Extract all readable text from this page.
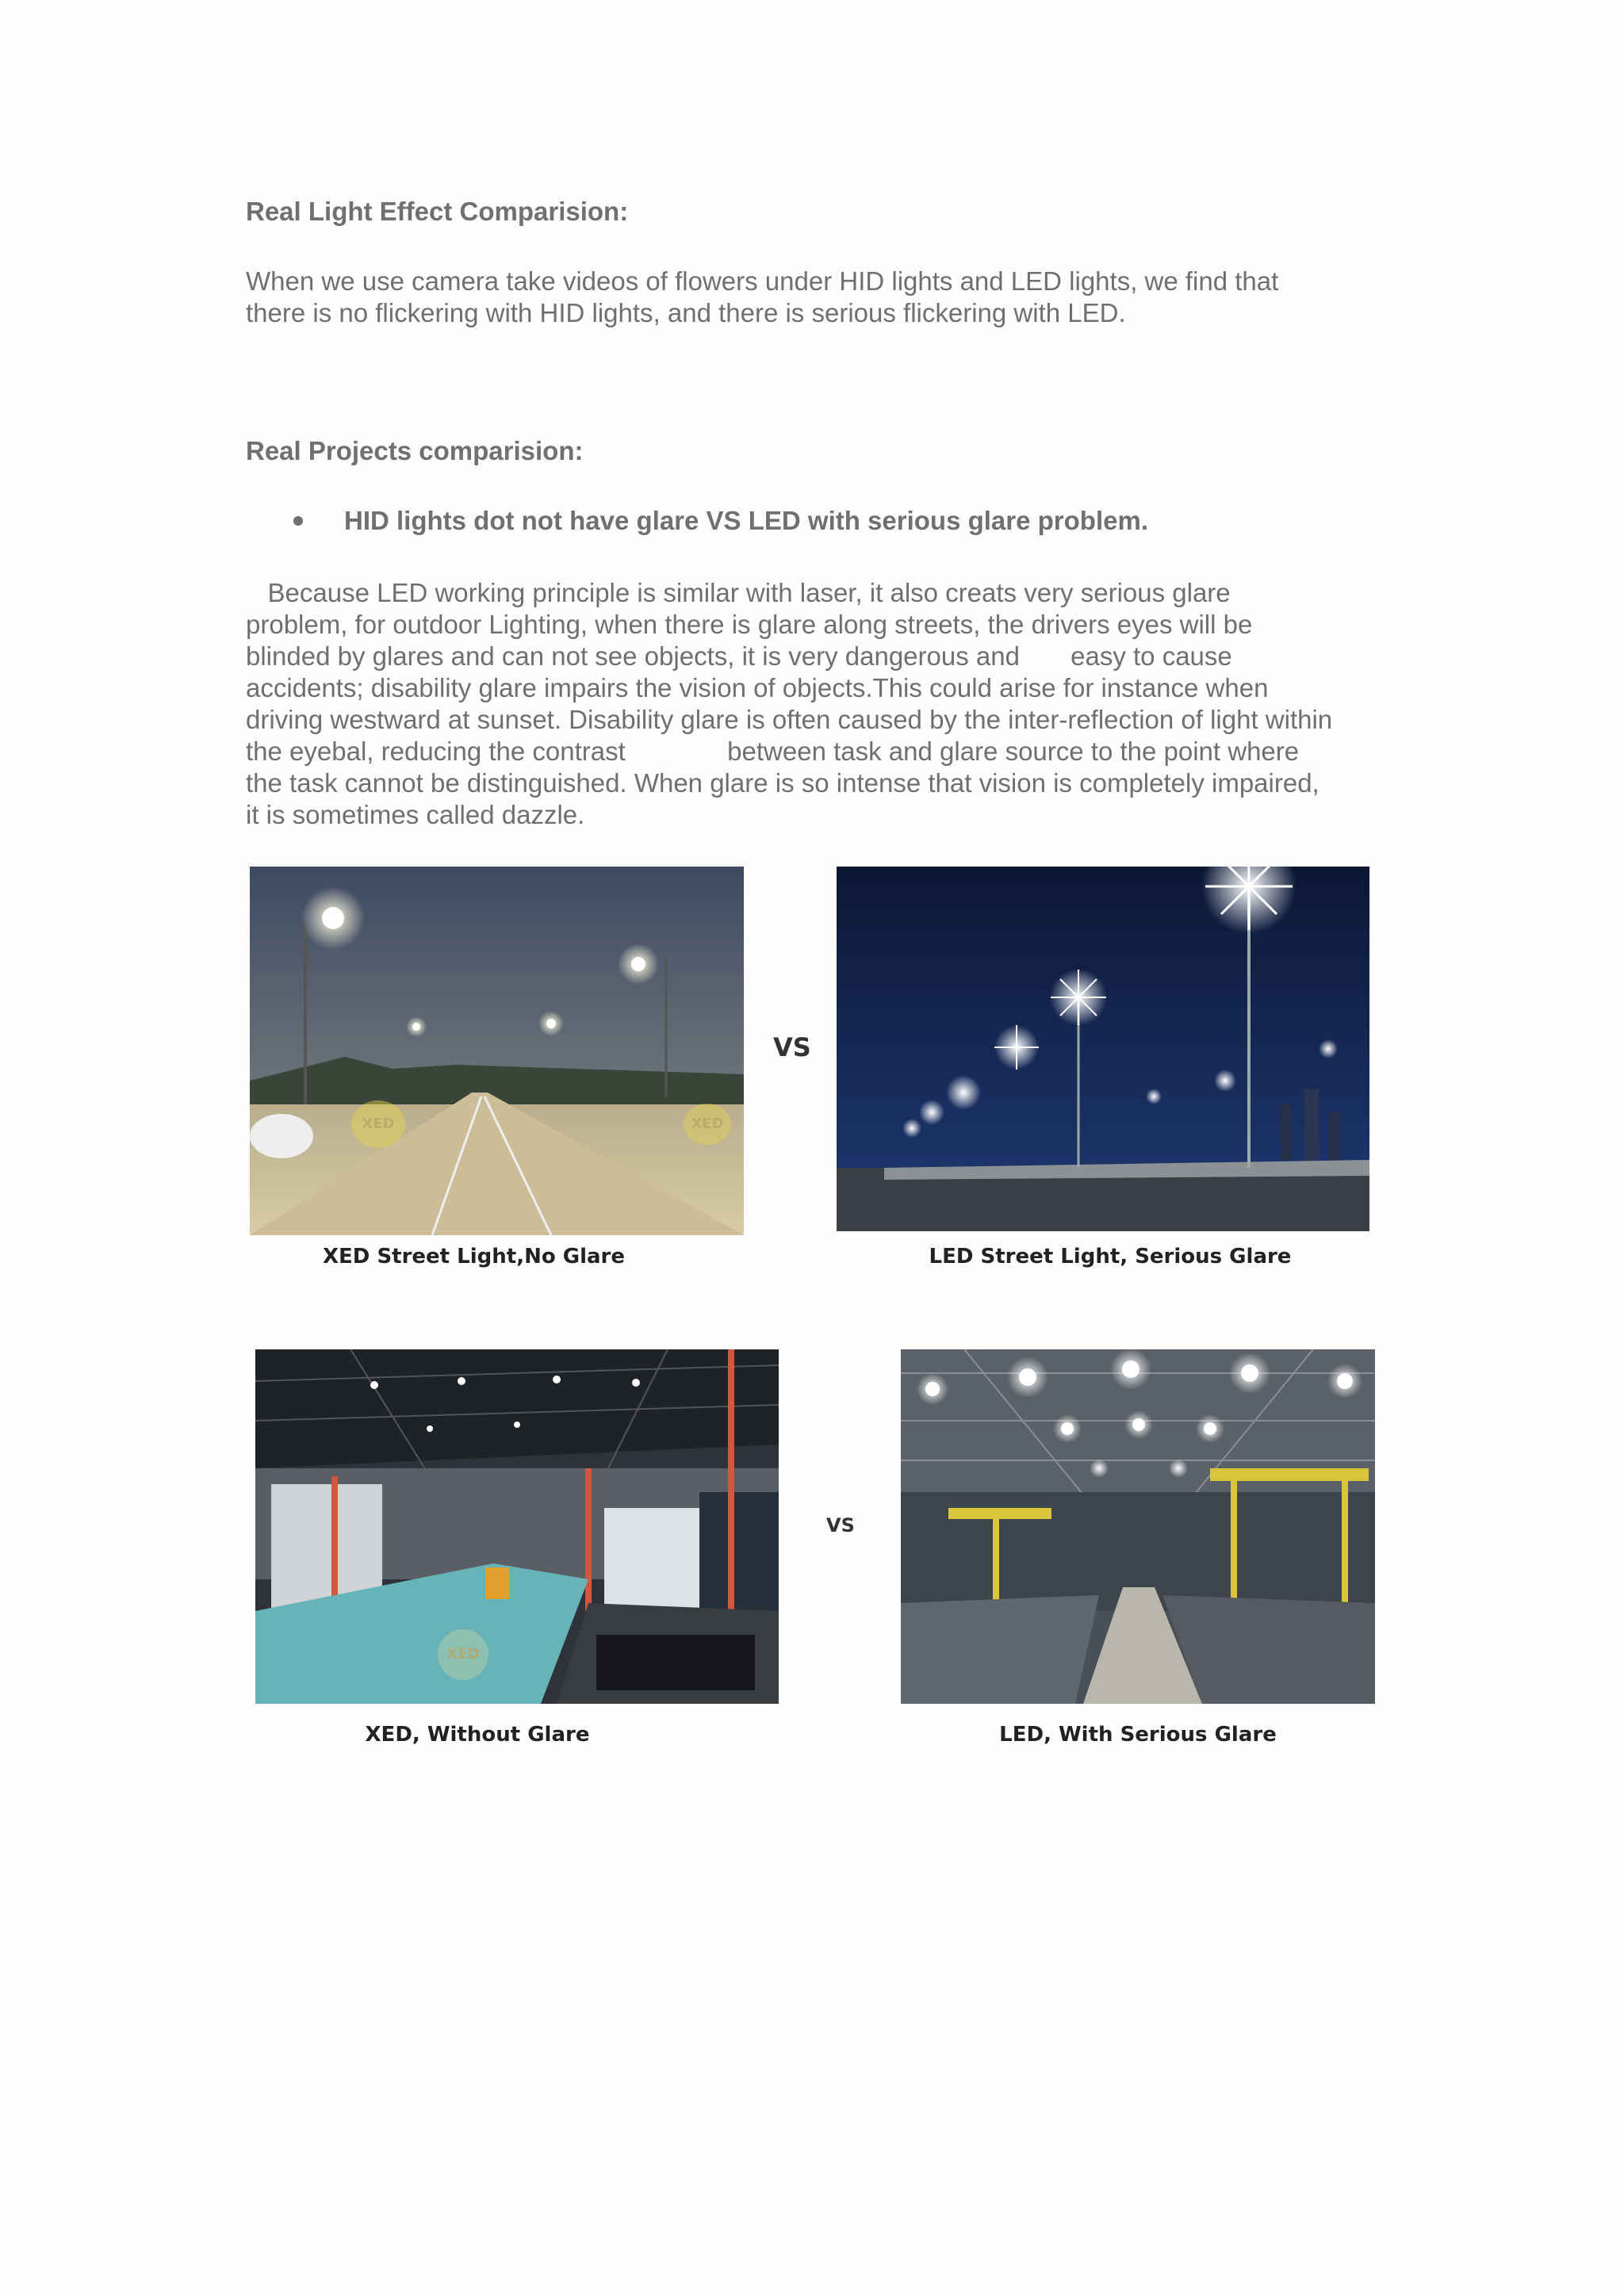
Real Light Effect Comparision:

When we use camera take videos of flowers under HID lights and LED lights, we find that
there is no flickering with HID lights, and there is serious flickering with LED.

Real Projects comparision:
HID lights dot not have glare VS LED with serious glare problem.

Because LED working principle is similar with laser, it also creats very serious glare
problem, for outdoor Lighting, when there is glare along streets, the drivers eyes will be
blinded by glares and can not see objects, it is very dangerous and       easy to cause
accidents; disability glare impairs the vision of objects.This could arise for instance when
driving westward at sunset. Disability glare is often caused by the inter-reflection of light within
the eyebal, reducing the contrast              between task and glare source to the point where
the task cannot be distinguished. When glare is so intense that vision is completely impaired,
it is sometimes called dazzle.

XED	XED
VS
XED Street Light,No Glare	LED Street Light, Serious Glare
XED
VS
XED, Without Glare	LED, With Serious Glare
